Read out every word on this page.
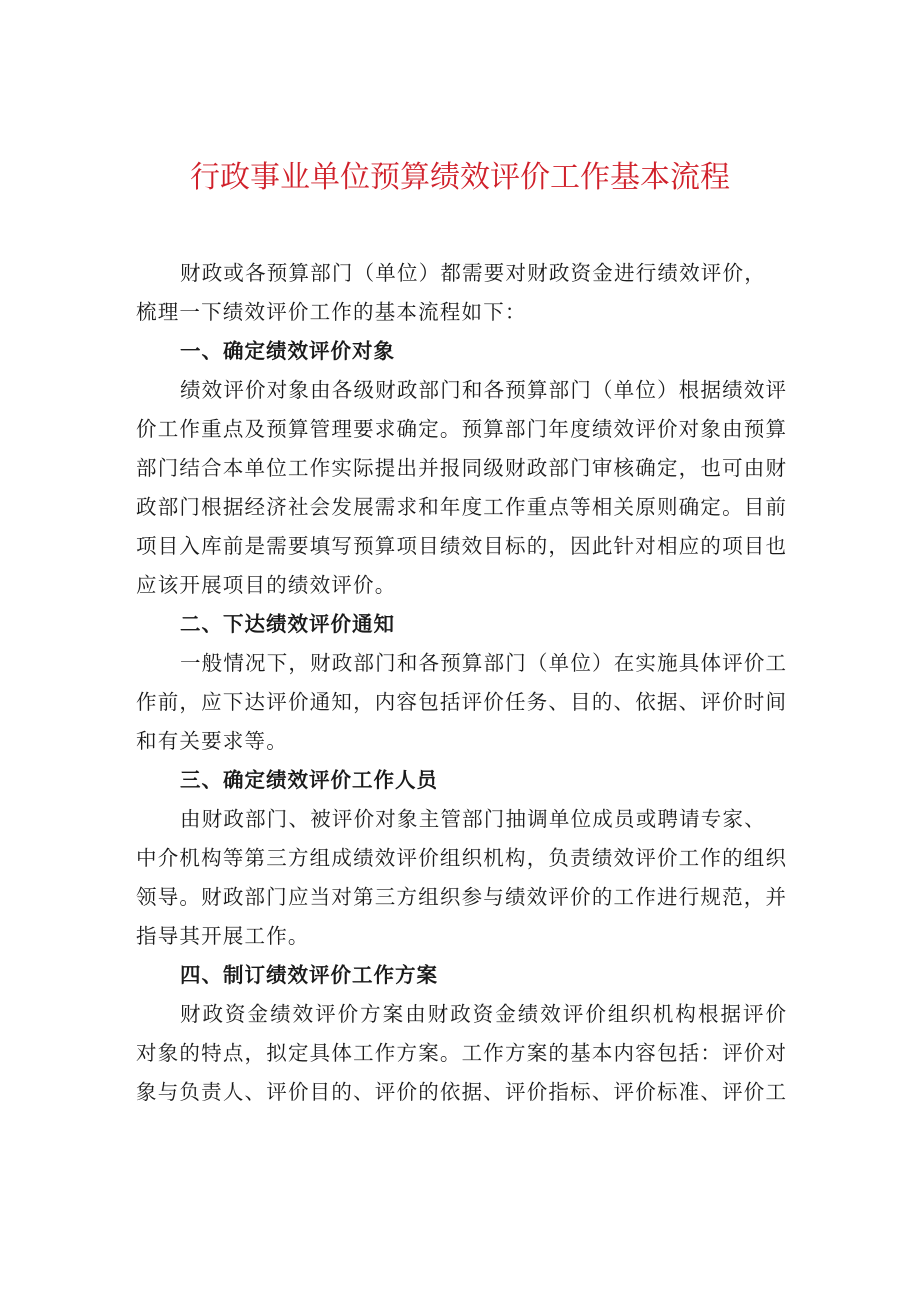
行政事业单位预算绩效评价工作基本流程
财政或各预算部门（单位）都需要对财政资金进行绩效评价，
梳理一下绩效评价工作的基本流程如下：
一、确定绩效评价对象
绩效评价对象由各级财政部门和各预算部门（单位）根据绩效评
价工作重点及预算管理要求确定。预算部门年度绩效评价对象由预算
部门结合本单位工作实际提出并报同级财政部门审核确定，也可由财
政部门根据经济社会发展需求和年度工作重点等相关原则确定。目前
项目入库前是需要填写预算项目绩效目标的，因此针对相应的项目也
应该开展项目的绩效评价。
二、下达绩效评价通知
一般情况下，财政部门和各预算部门（单位）在实施具体评价工
作前，应下达评价通知，内容包括评价任务、目的、依据、评价时间
和有关要求等。
三、确定绩效评价工作人员
由财政部门、被评价对象主管部门抽调单位成员或聘请专家、
中介机构等第三方组成绩效评价组织机构，负责绩效评价工作的组织
领导。财政部门应当对第三方组织参与绩效评价的工作进行规范，并
指导其开展工作。
四、制订绩效评价工作方案
财政资金绩效评价方案由财政资金绩效评价组织机构根据评价
对象的特点，拟定具体工作方案。工作方案的基本内容包括：评价对
象与负责人、评价目的、评价的依据、评价指标、评价标准、评价工
